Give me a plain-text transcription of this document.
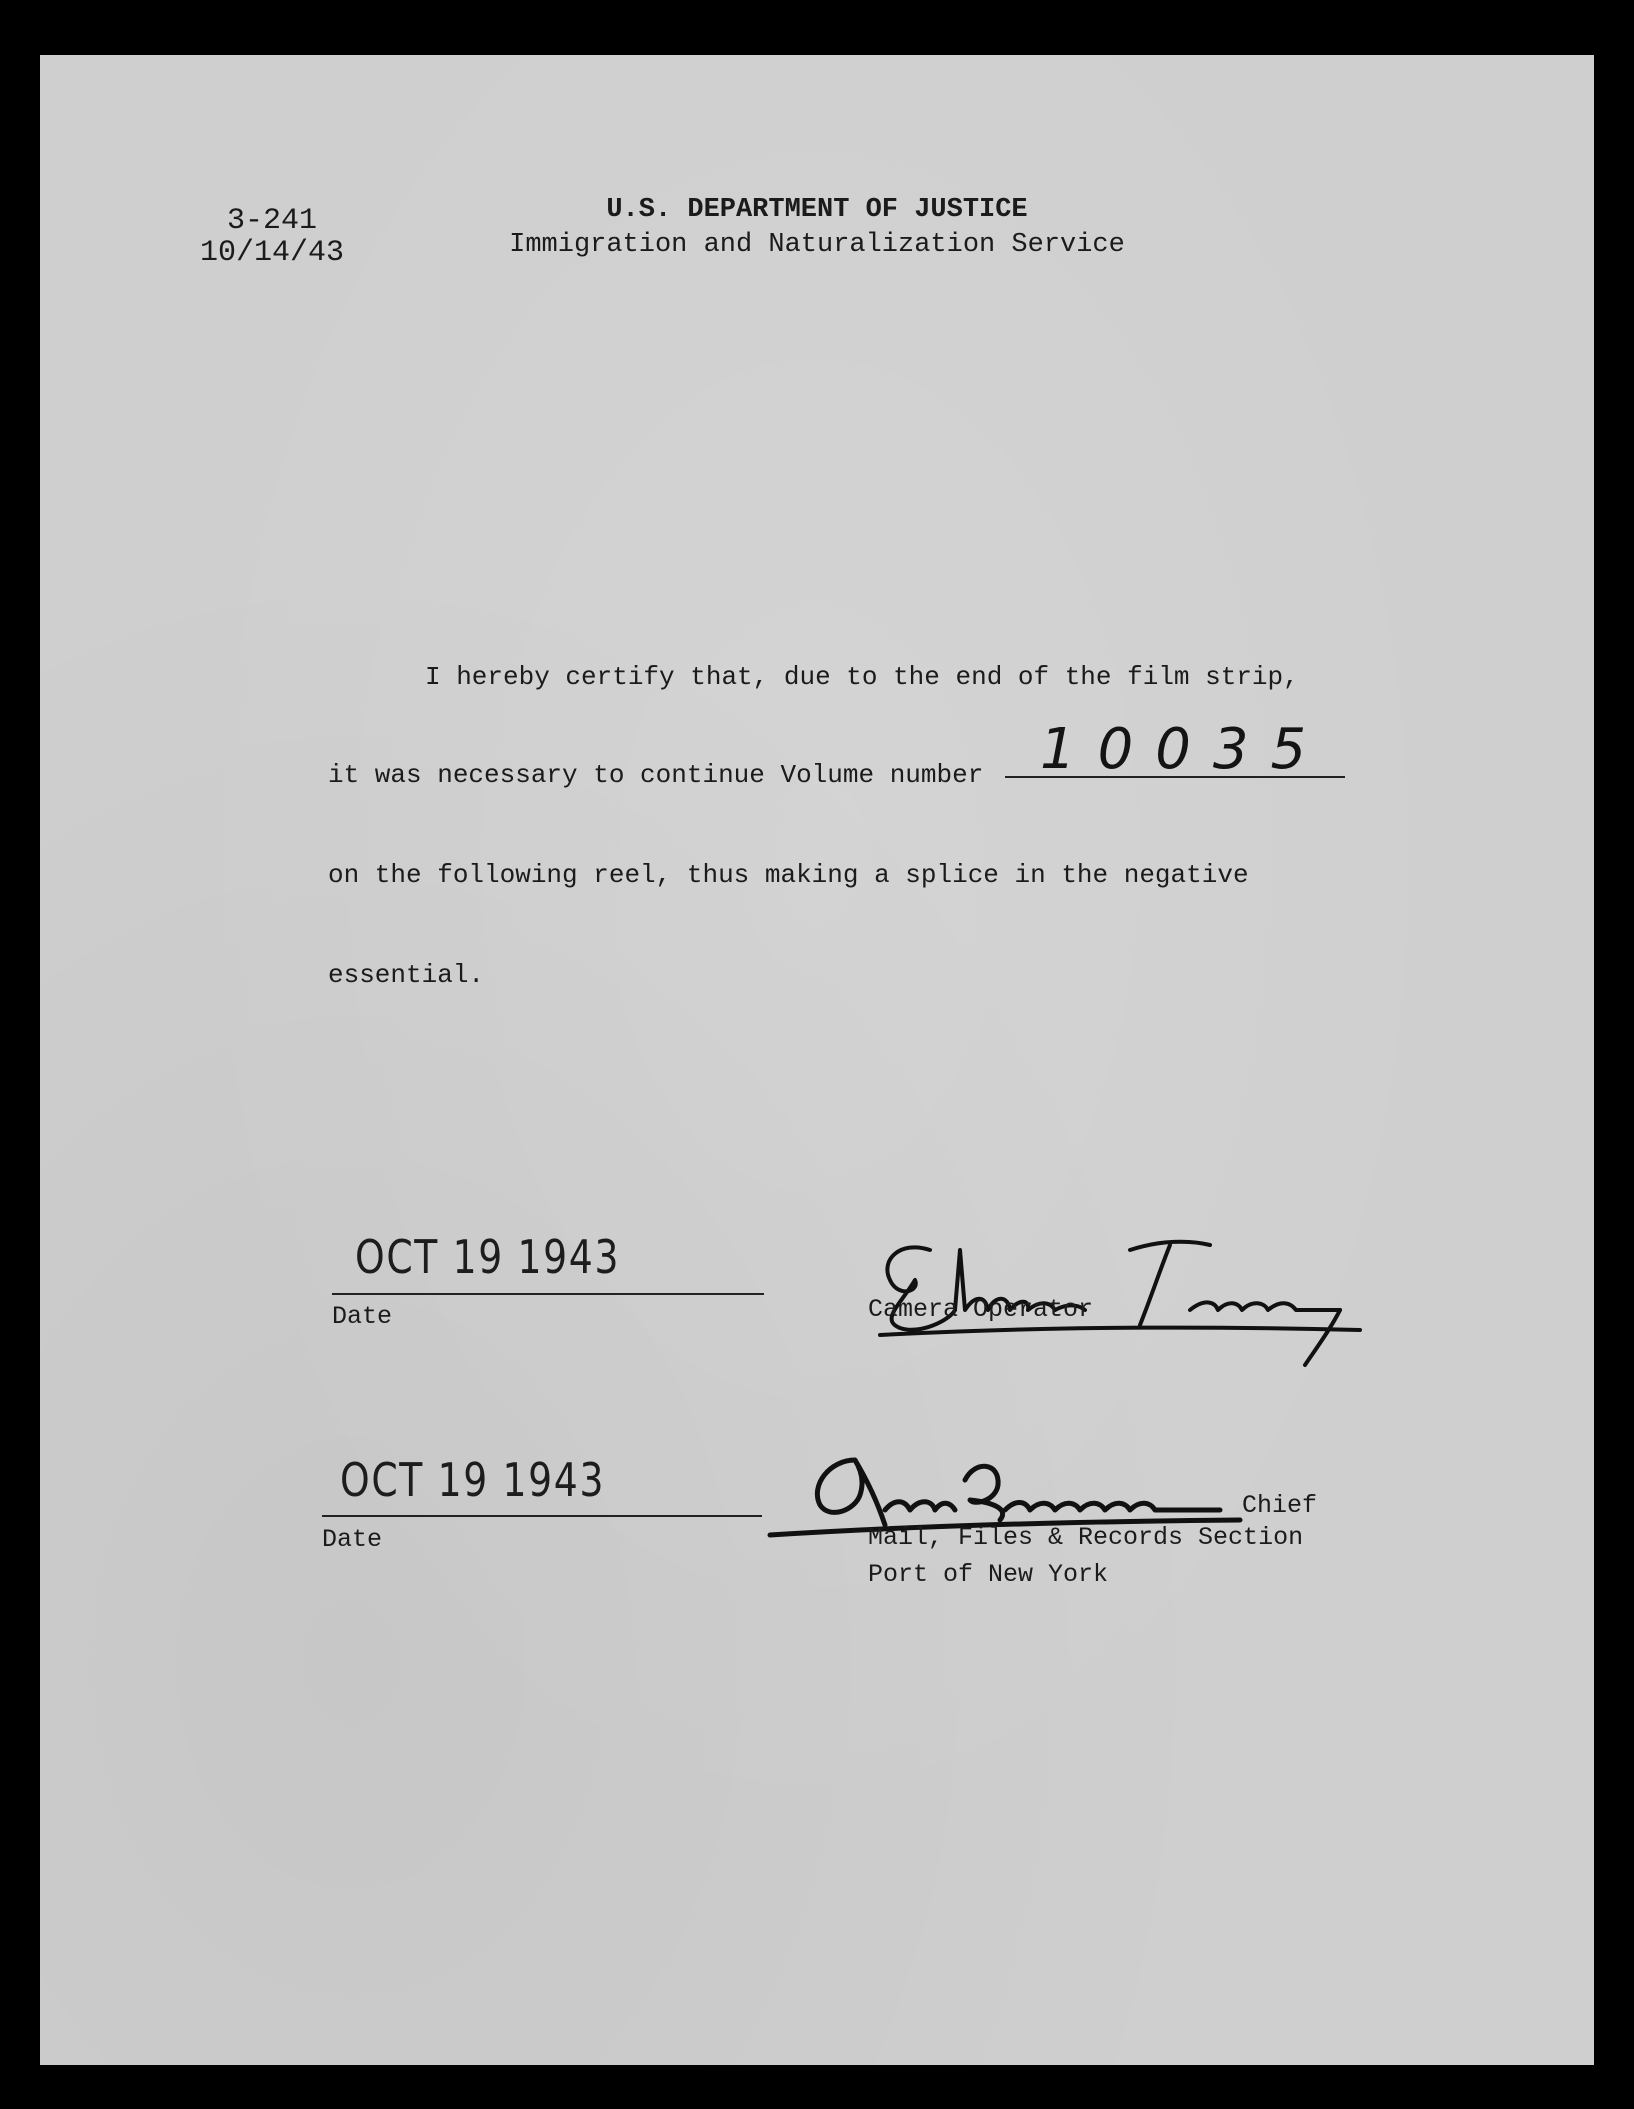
3-241
10/14/43
U.S. DEPARTMENT OF JUSTICE
Immigration and Naturalization Service
I hereby certify that, due to the end of the film strip,
it was necessary to continue Volume number 10035
on the following reel, thus making a splice in the negative
essential.
OCT 19 1943
Date	Camera Operator
OCT 19 1943
Date
Chief
Mail, Files & Records Section
Port of New York
